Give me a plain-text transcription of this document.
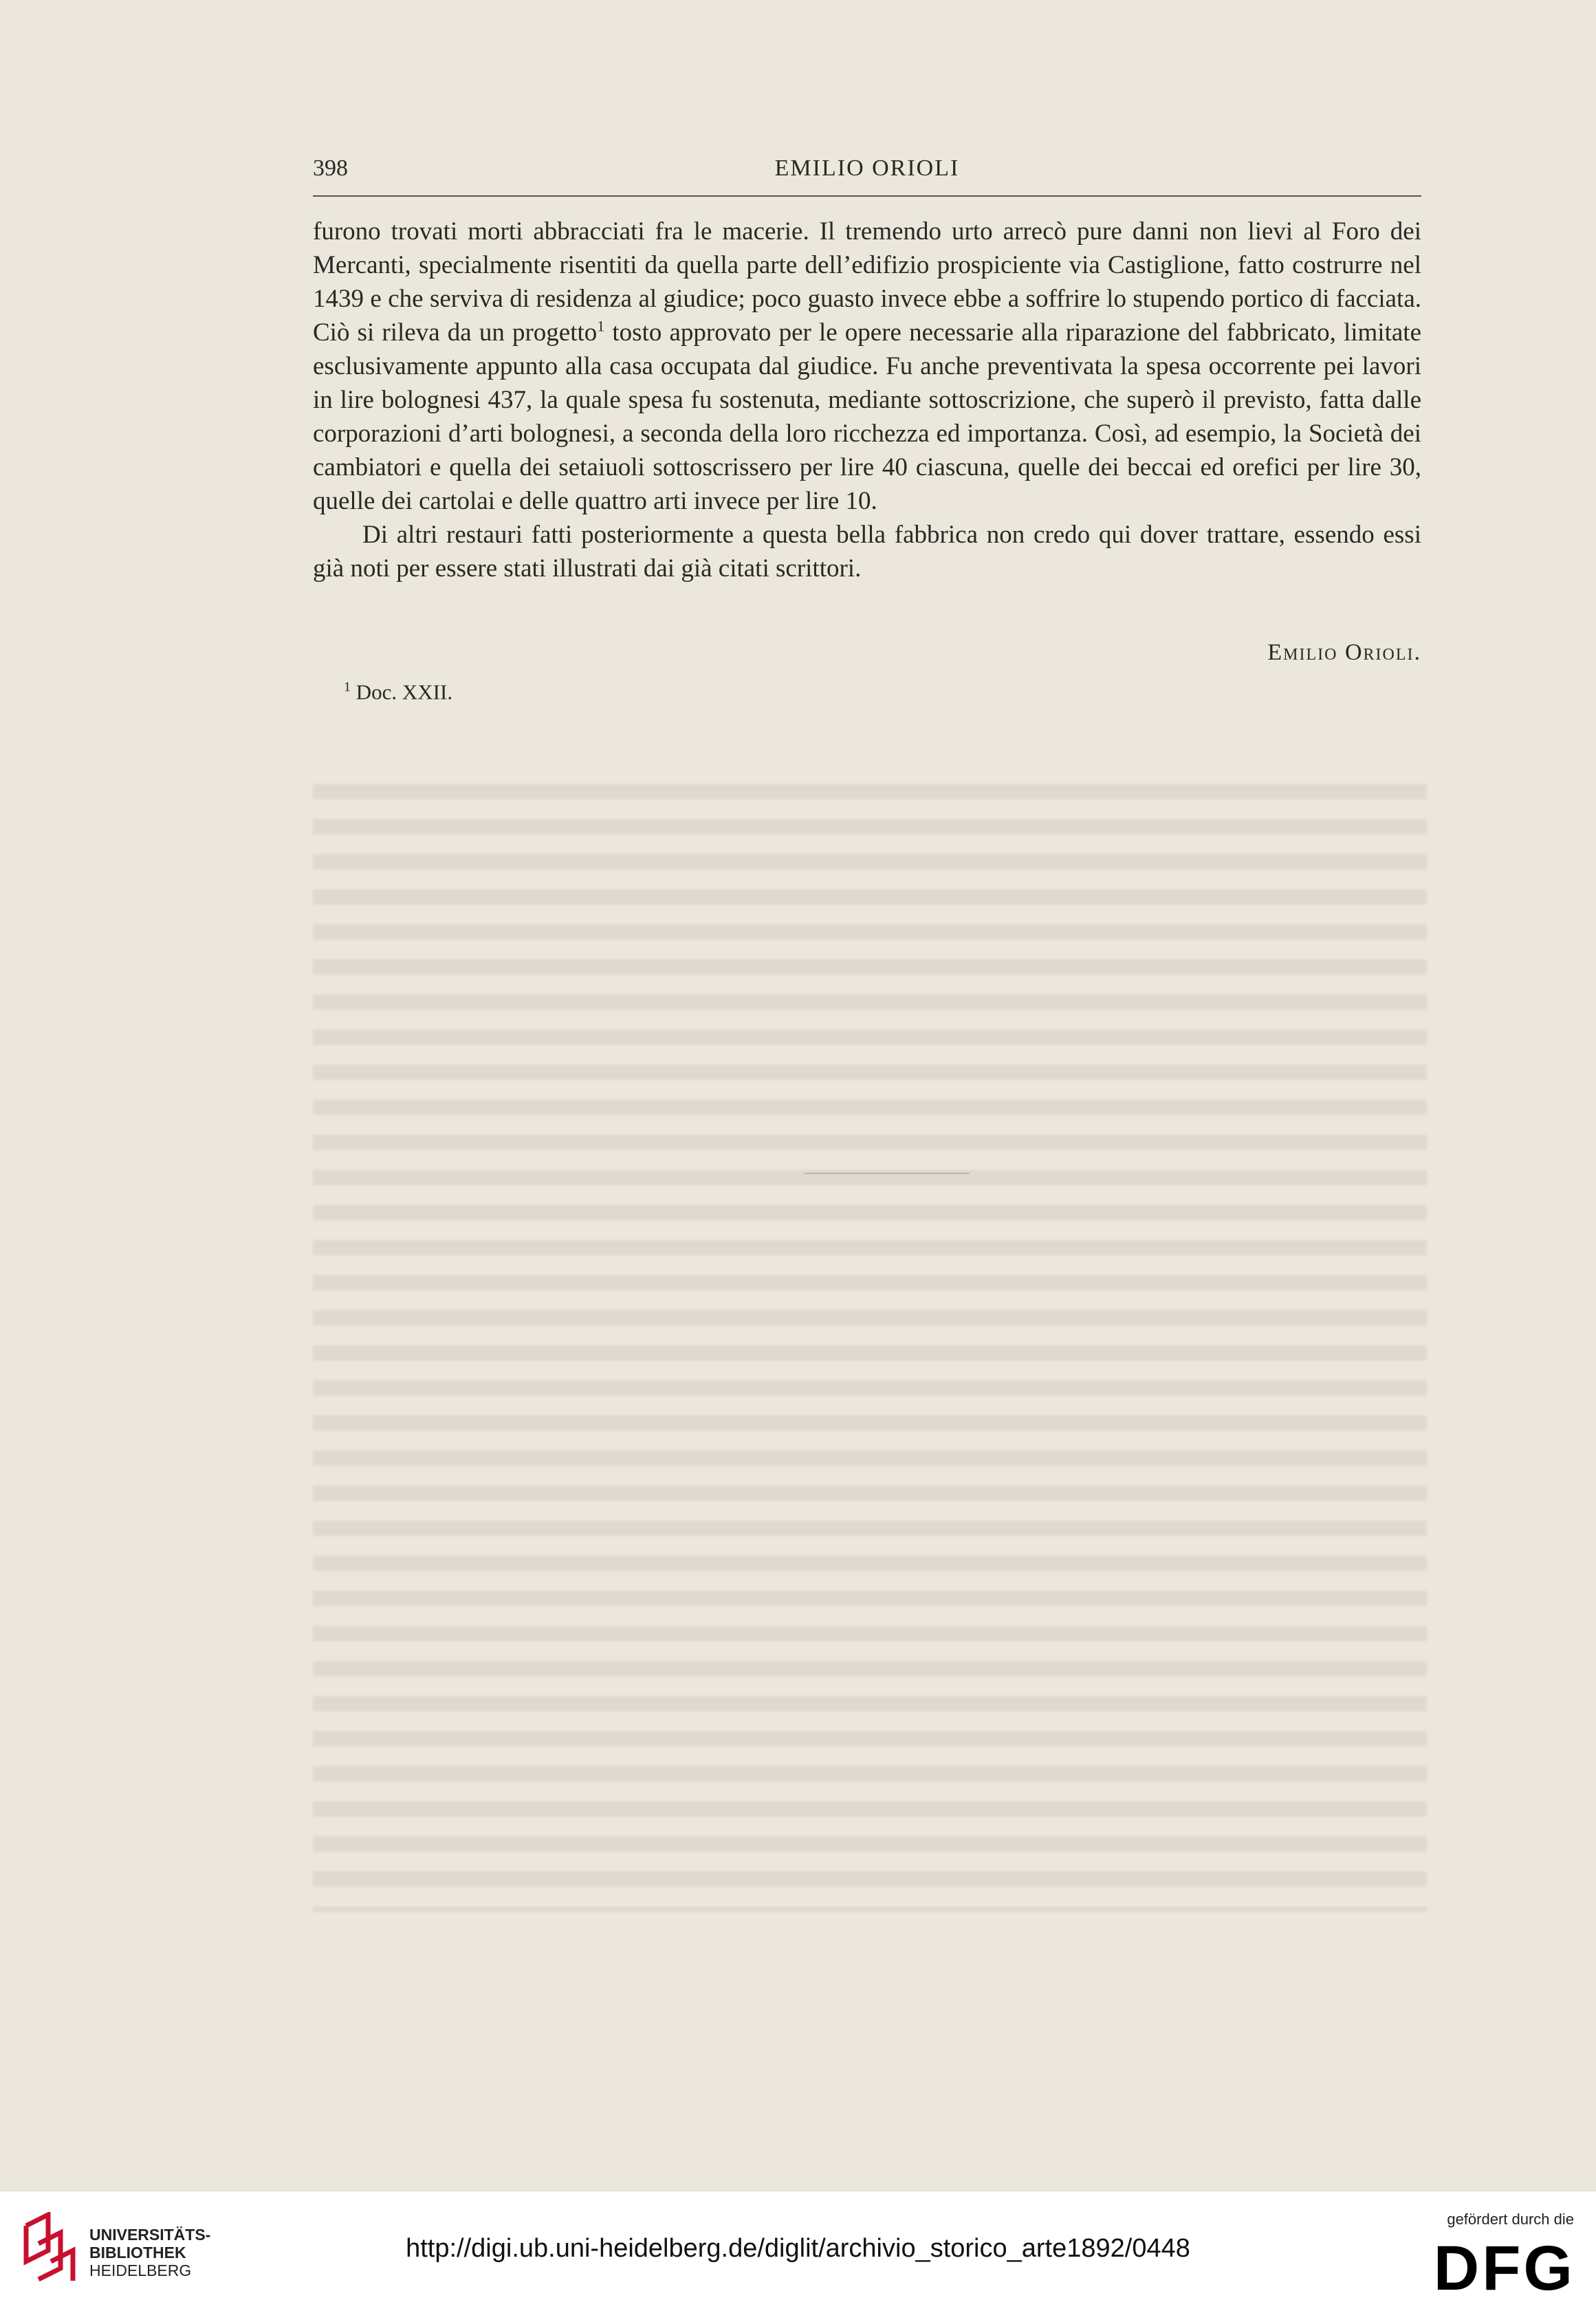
398	EMILIO ORIOLI

furono trovati morti abbracciati fra le macerie. Il tremendo urto arrecò pure danni non lievi al Foro dei Mercanti, specialmente risentiti da quella parte dell’edifizio prospiciente via Castiglione, fatto costrurre nel 1439 e che serviva di residenza al giudice; poco guasto invece ebbe a soffrire lo stupendo portico di facciata. Ciò si rileva da un progetto$^1$ tosto approvato per le opere necessarie alla riparazione del fabbricato, limitate esclusivamente appunto alla casa occupata dal giudice. Fu anche preventivata la spesa occorrente pei lavori in lire bolognesi 437, la quale spesa fu sostenuta, mediante sottoscrizione, che superò il previsto, fatta dalle corporazioni d’arti bolognesi, a seconda della loro ricchezza ed importanza. Così, ad esempio, la Società dei cambiatori e quella dei setaiuoli sottoscrissero per lire 40 ciascuna, quelle dei beccai ed orefici per lire 30, quelle dei cartolai e delle quattro arti invece per lire 10.

Di altri restauri fatti posteriormente a questa bella fabbrica non credo qui dover trattare, essendo essi già noti per essere stati illustrati dai già citati scrittori.

Emilio Orioli.
$^1$ Doc. XXII.
UNIVERSITÄTS-
BIBLIOTHEK
HEIDELBERG
http://digi.ub.uni-heidelberg.de/diglit/archivio_storico_arte1892/0448
gefördert durch die
DFG
